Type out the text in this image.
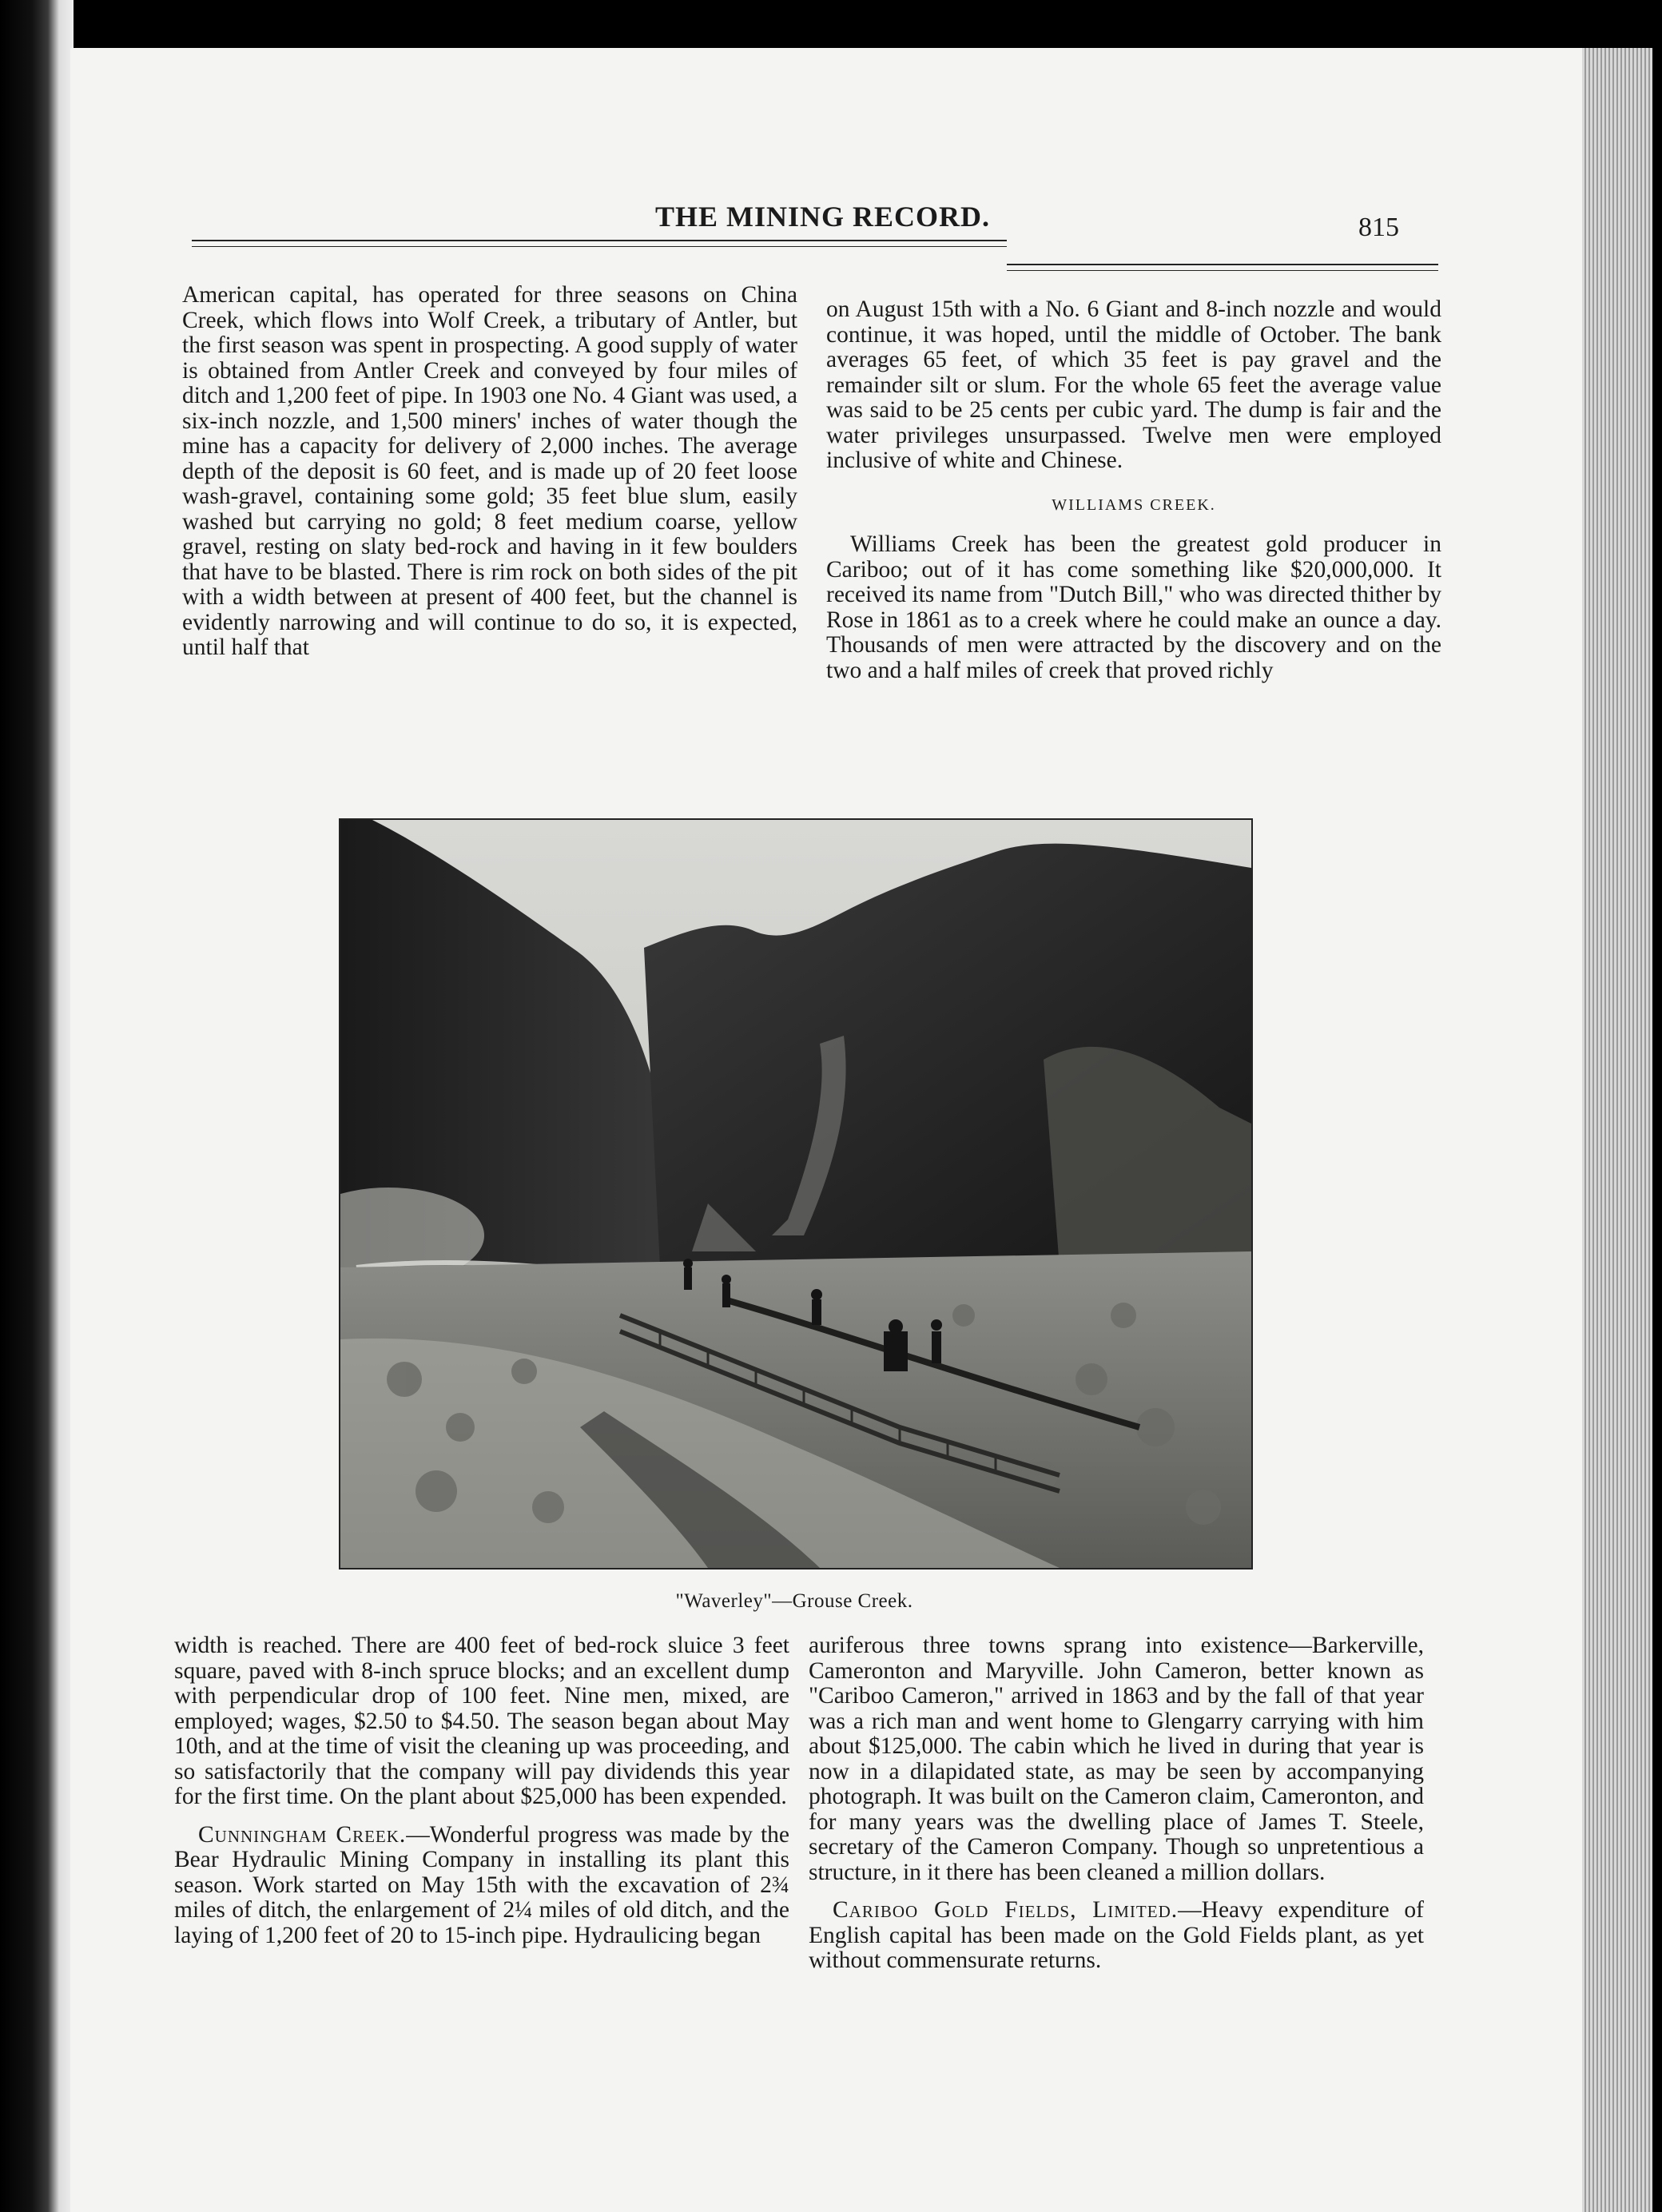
THE MINING RECORD.	815

American capital, has operated for three seasons on China Creek, which flows into Wolf Creek, a tributary of Antler, but the first season was spent in prospecting. A good supply of water is obtained from Antler Creek and conveyed by four miles of ditch and 1,200 feet of pipe. In 1903 one No. 4 Giant was used, a six-inch nozzle, and 1,500 miners' inches of water though the mine has a capacity for delivery of 2,000 inches. The average depth of the deposit is 60 feet, and is made up of 20 feet loose wash-gravel, containing some gold; 35 feet blue slum, easily washed but carrying no gold; 8 feet medium coarse, yellow gravel, resting on slaty bed-rock and having in it few boulders that have to be blasted. There is rim rock on both sides of the pit with a width between at present of 400 feet, but the channel is evidently narrowing and will continue to do so, it is expected, until half that

on August 15th with a No. 6 Giant and 8-inch nozzle and would continue, it was hoped, until the middle of October. The bank averages 65 feet, of which 35 feet is pay gravel and the remainder silt or slum. For the whole 65 feet the average value was said to be 25 cents per cubic yard. The dump is fair and the water privileges unsurpassed. Twelve men were employed inclusive of white and Chinese.

WILLIAMS CREEK.

Williams Creek has been the greatest gold producer in Cariboo; out of it has come something like $20,000,000. It received its name from "Dutch Bill," who was directed thither by Rose in 1861 as to a creek where he could make an ounce a day. Thousands of men were attracted by the discovery and on the two and a half miles of creek that proved richly

"Waverley"—Grouse Creek.

width is reached. There are 400 feet of bed-rock sluice 3 feet square, paved with 8-inch spruce blocks; and an excellent dump with perpendicular drop of 100 feet. Nine men, mixed, are employed; wages, $2.50 to $4.50. The season began about May 10th, and at the time of visit the cleaning up was proceeding, and so satisfactorily that the company will pay dividends this year for the first time. On the plant about $25,000 has been expended.

Cunningham Creek.—Wonderful progress was made by the Bear Hydraulic Mining Company in installing its plant this season. Work started on May 15th with the excavation of 2¾ miles of ditch, the enlargement of 2¼ miles of old ditch, and the laying of 1,200 feet of 20 to 15-inch pipe. Hydraulicing began

auriferous three towns sprang into existence—Barkerville, Cameronton and Maryville. John Cameron, better known as "Cariboo Cameron," arrived in 1863 and by the fall of that year was a rich man and went home to Glengarry carrying with him about $125,000. The cabin which he lived in during that year is now in a dilapidated state, as may be seen by accompanying photograph. It was built on the Cameron claim, Cameronton, and for many years was the dwelling place of James T. Steele, secretary of the Cameron Company. Though so unpretentious a structure, in it there has been cleaned a million dollars.

Cariboo Gold Fields, Limited.—Heavy expenditure of English capital has been made on the Gold Fields plant, as yet without commensurate returns.
